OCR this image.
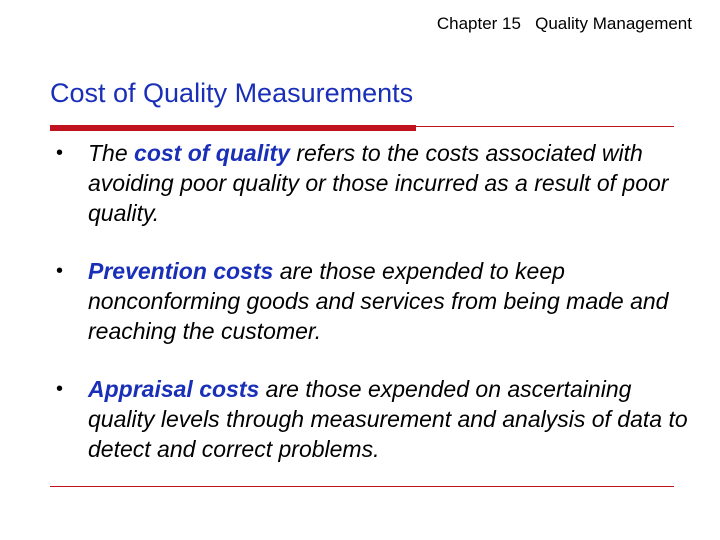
Chapter 15   Quality Management
Cost of Quality Measurements
• The cost of quality refers to the costs associated with avoiding poor quality or those incurred as a result of poor quality.
• Prevention costs are those expended to keep nonconforming goods and services from being made and reaching the customer.
• Appraisal costs are those expended on ascertaining quality levels through measurement and analysis of data to detect and correct problems.
